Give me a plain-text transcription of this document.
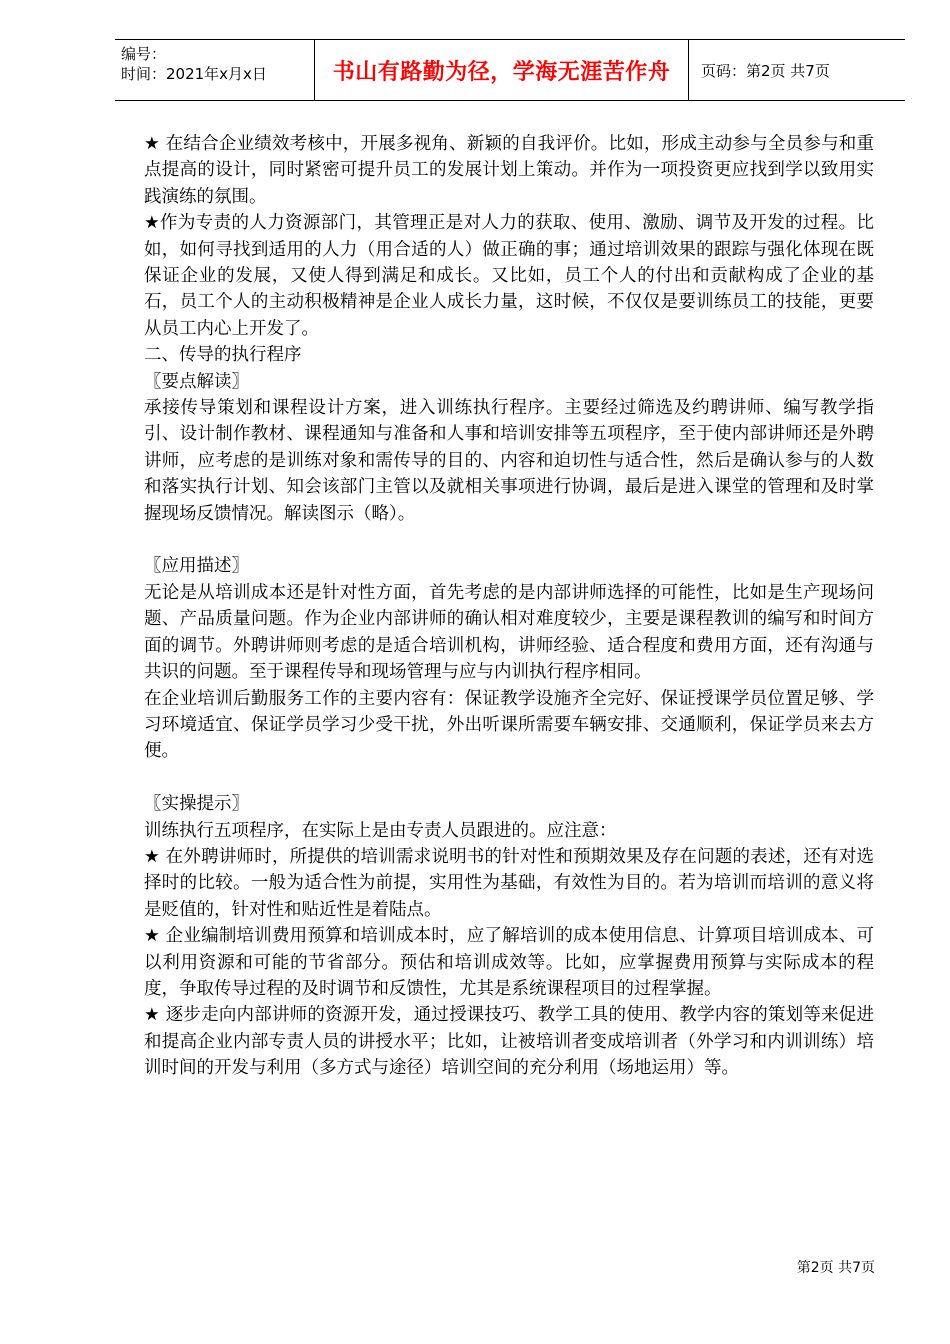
编号：
时间：2021年x月x日	书山有路勤为径，学海无涯苦作舟 页码：第2页 共7页

★ 在结合企业绩效考核中，开展多视角、新颖的自我评价。比如，形成主动参与全员参与和重点提高的设计，同时紧密可提升员工的发展计划上策动。并作为一项投资更应找到学以致用实践演练的氛围。

★作为专责的人力资源部门，其管理正是对人力的获取、使用、激励、调节及开发的过程。比如，如何寻找到适用的人力（用合适的人）做正确的事；通过培训效果的跟踪与强化体现在既保证企业的发展，又使人得到满足和成长。又比如，员工个人的付出和贡献构成了企业的基石，员工个人的主动积极精神是企业人成长力量，这时候，不仅仅是要训练员工的技能，更要从员工内心上开发了。

二、传导的执行程序

〖要点解读〗

承接传导策划和课程设计方案，进入训练执行程序。主要经过筛选及约聘讲师、编写教学指引、设计制作教材、课程通知与准备和人事和培训安排等五项程序，至于使内部讲师还是外聘讲师，应考虑的是训练对象和需传导的目的、内容和迫切性与适合性，然后是确认参与的人数和落实执行计划、知会该部门主管以及就相关事项进行协调，最后是进入课堂的管理和及时掌握现场反馈情况。解读图示（略）。

〖应用描述〗

无论是从培训成本还是针对性方面，首先考虑的是内部讲师选择的可能性，比如是生产现场问题、产品质量问题。作为企业内部讲师的确认相对难度较少，主要是课程教训的编写和时间方面的调节。外聘讲师则考虑的是适合培训机构，讲师经验、适合程度和费用方面，还有沟通与共识的问题。至于课程传导和现场管理与应与内训执行程序相同。

在企业培训后勤服务工作的主要内容有：保证教学设施齐全完好、保证授课学员位置足够、学习环境适宜、保证学员学习少受干扰，外出听课所需要车辆安排、交通顺利，保证学员来去方便。

〖实操提示〗

训练执行五项程序，在实际上是由专责人员跟进的。应注意：

★ 在外聘讲师时，所提供的培训需求说明书的针对性和预期效果及存在问题的表述，还有对选择时的比较。一般为适合性为前提，实用性为基础，有效性为目的。若为培训而培训的意义将是贬值的，针对性和贴近性是着陆点。

★ 企业编制培训费用预算和培训成本时，应了解培训的成本使用信息、计算项目培训成本、可以利用资源和可能的节省部分。预估和培训成效等。比如，应掌握费用预算与实际成本的程度，争取传导过程的及时调节和反馈性，尤其是系统课程项目的过程掌握。

★ 逐步走向内部讲师的资源开发，通过授课技巧、教学工具的使用、教学内容的策划等来促进和提高企业内部专责人员的讲授水平；比如，让被培训者变成培训者（外学习和内训训练）培训时间的开发与利用（多方式与途径）培训空间的充分利用（场地运用）等。

第2页 共7页
